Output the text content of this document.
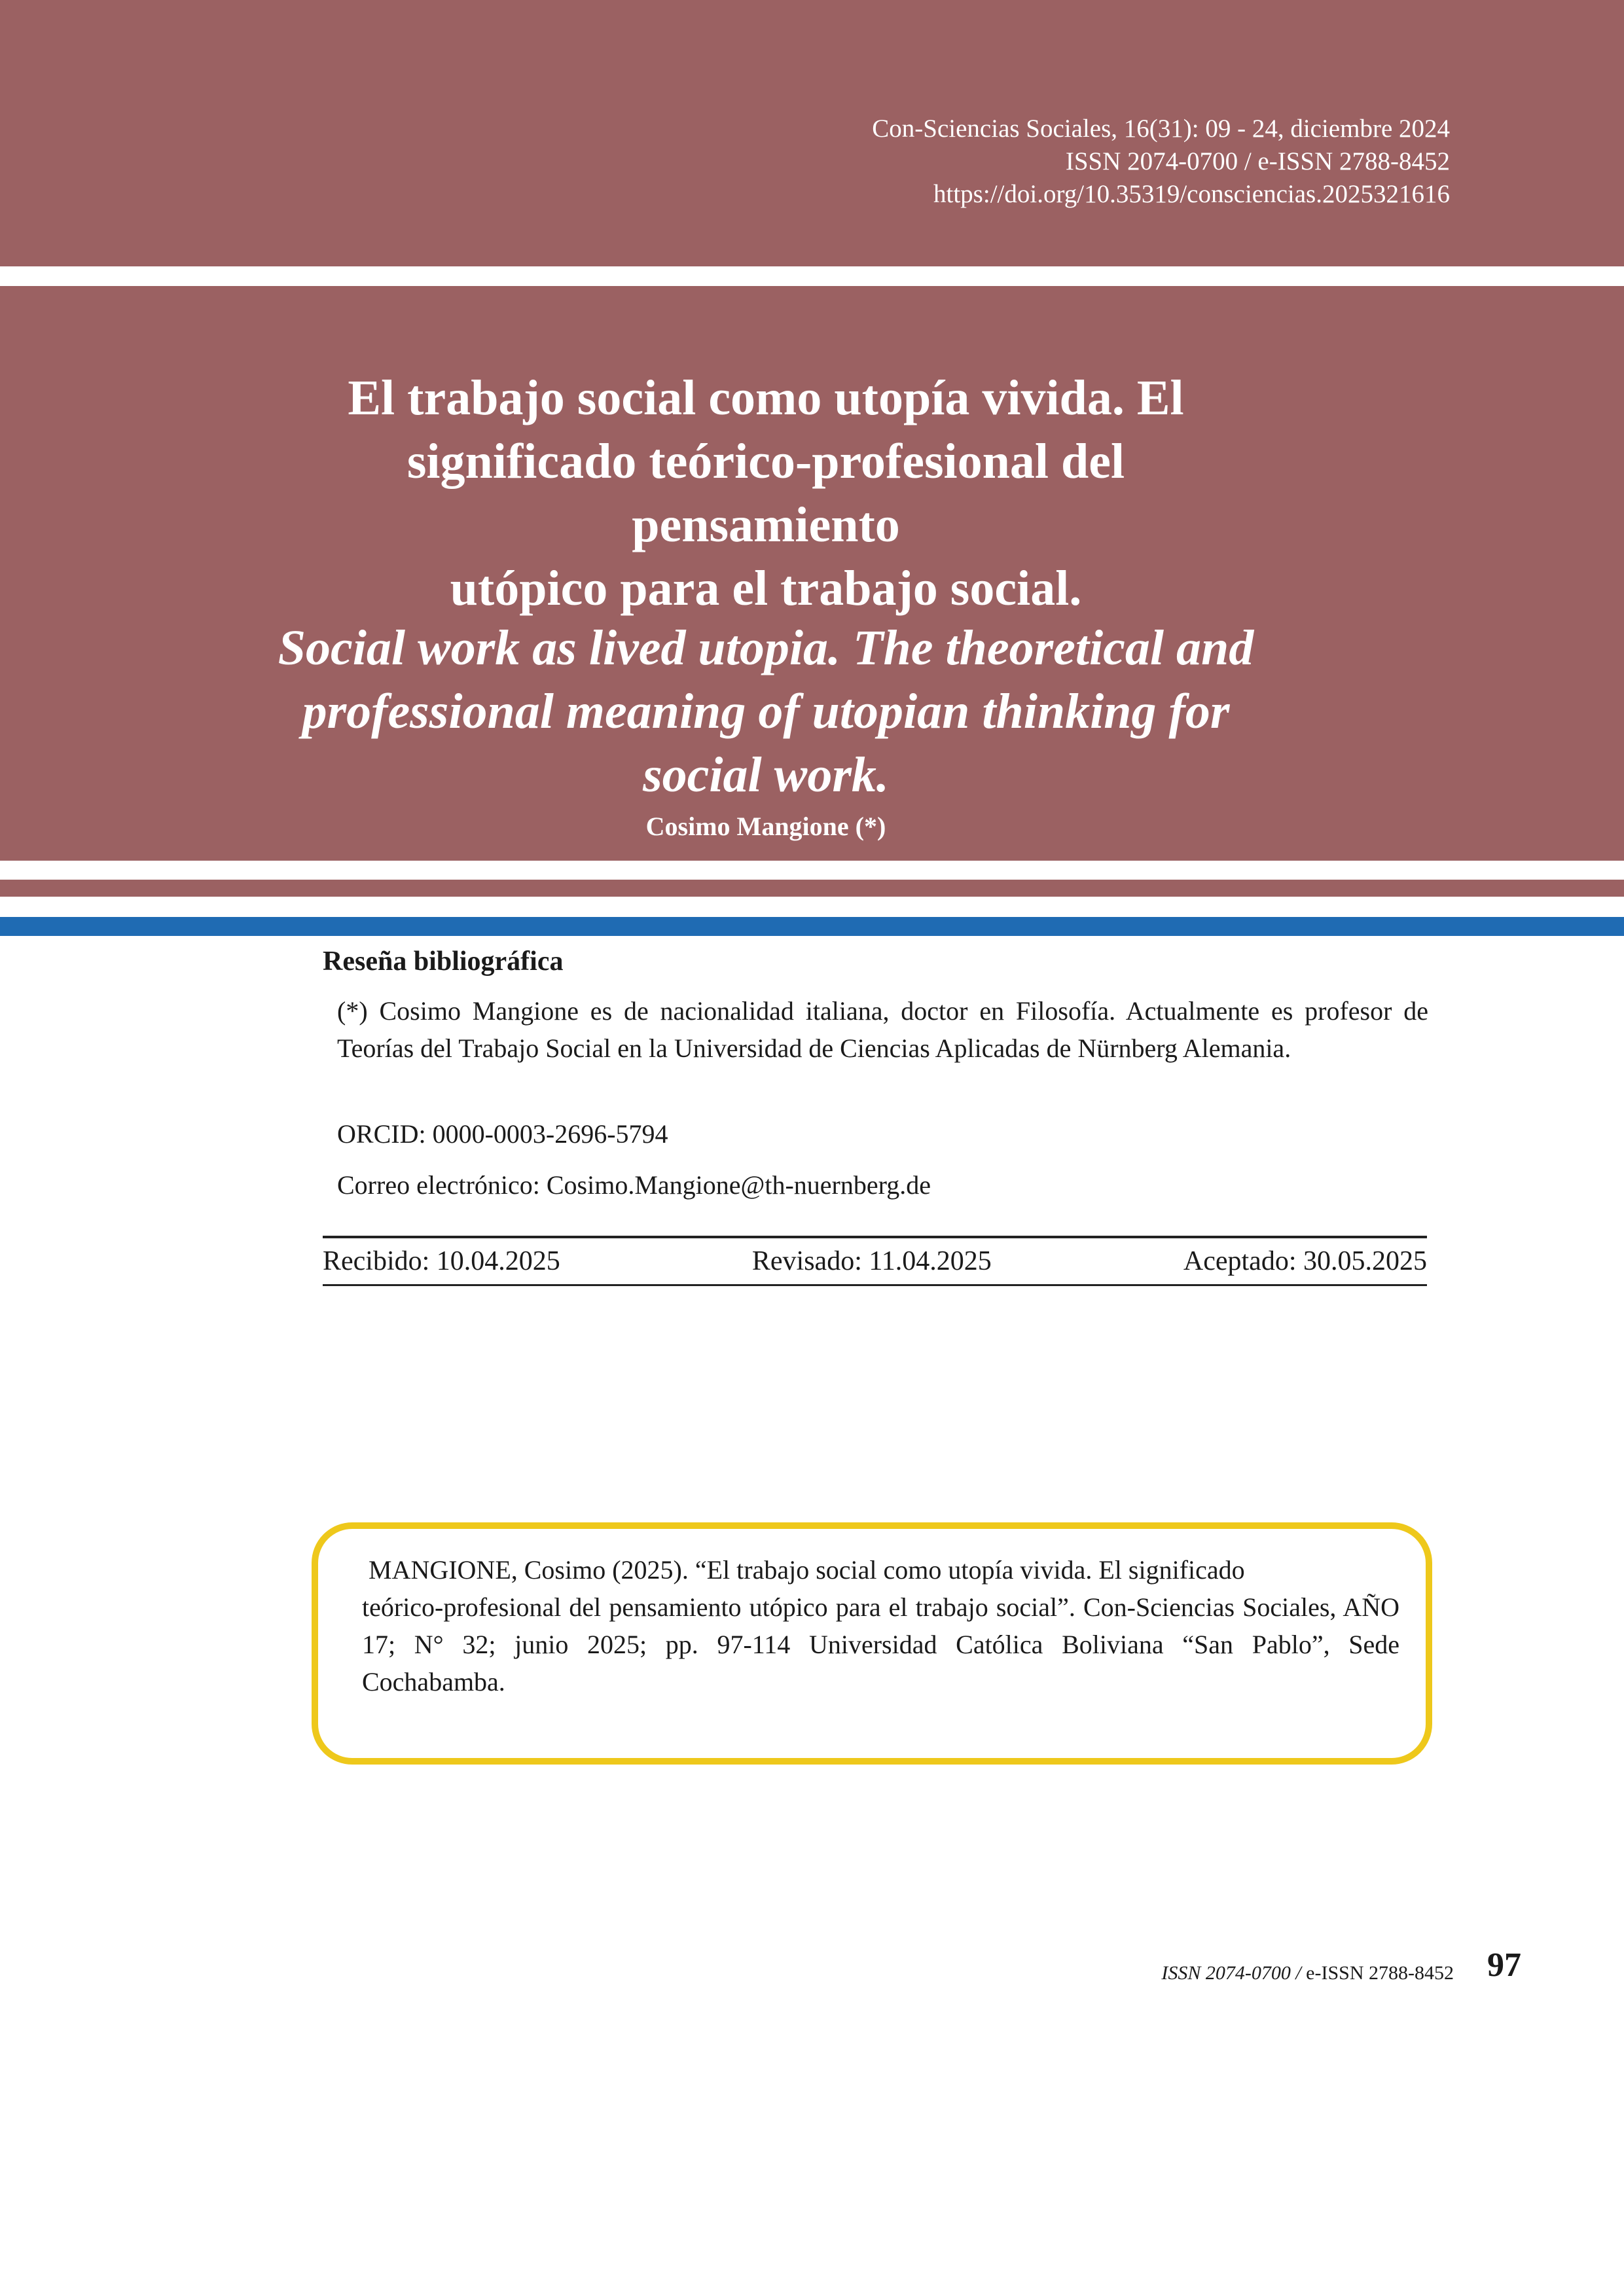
Con-Sciencias Sociales, 16(31): 09 - 24, diciembre 2024
ISSN 2074-0700 / e-ISSN 2788-8452
https://doi.org/10.35319/consciencias.2025321616
El trabajo social como utopía vivida. El
significado teórico-profesional del pensamiento
utópico para el trabajo social.
Social work as lived utopia. The theoretical and
professional meaning of utopian thinking for
social work.
Cosimo Mangione (*)
Reseña bibliográfica
(*) Cosimo Mangione es de nacionalidad italiana, doctor en Filosofía. Actualmente es profesor de Teorías del Trabajo Social en la Universidad de Ciencias Aplicadas de Nürnberg Alemania.
ORCID: 0000-0003-2696-5794
Correo electrónico: Cosimo.Mangione@th-nuernberg.de
Recibido: 10.04.2025	Revisado: 11.04.2025	Aceptado: 30.05.2025
MANGIONE, Cosimo (2025). “El trabajo social como utopía vivida. El significado
teórico-profesional del pensamiento utópico para el trabajo social”. Con-Sciencias Sociales, AÑO 17; N° 32; junio 2025; pp. 97-114 Universidad Católica Boliviana “San Pablo”, Sede Cochabamba.
ISSN 2074-0700 / e-ISSN 2788-8452 97
